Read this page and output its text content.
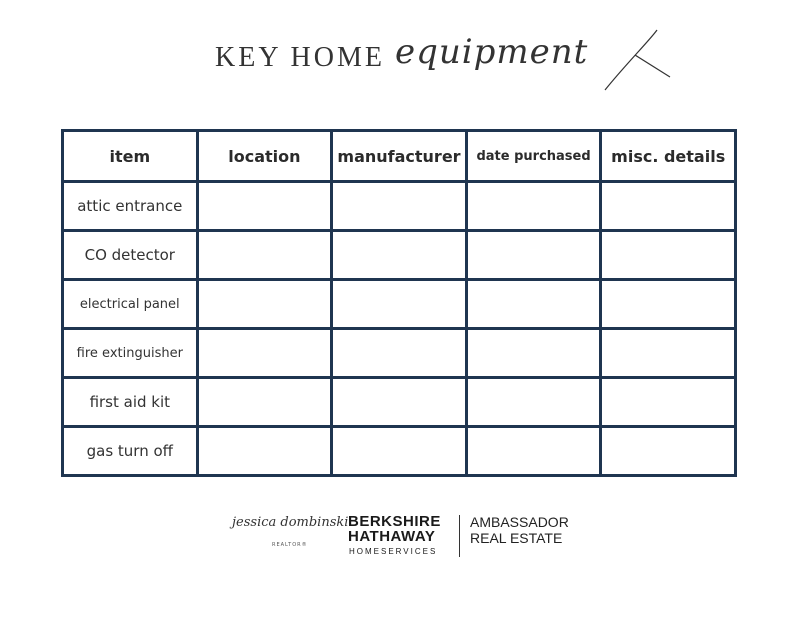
KEY HOME equipment
item	location	manufacturer	date purchased	misc. details
attic entrance				
CO detector				
electrical panel				
fire extinguisher				
first aid kit				
gas turn off				
jessica dombinski
REALTOR®
BERKSHIRE
HATHAWAY
HOMESERVICES
AMBASSADOR
REAL ESTATE
